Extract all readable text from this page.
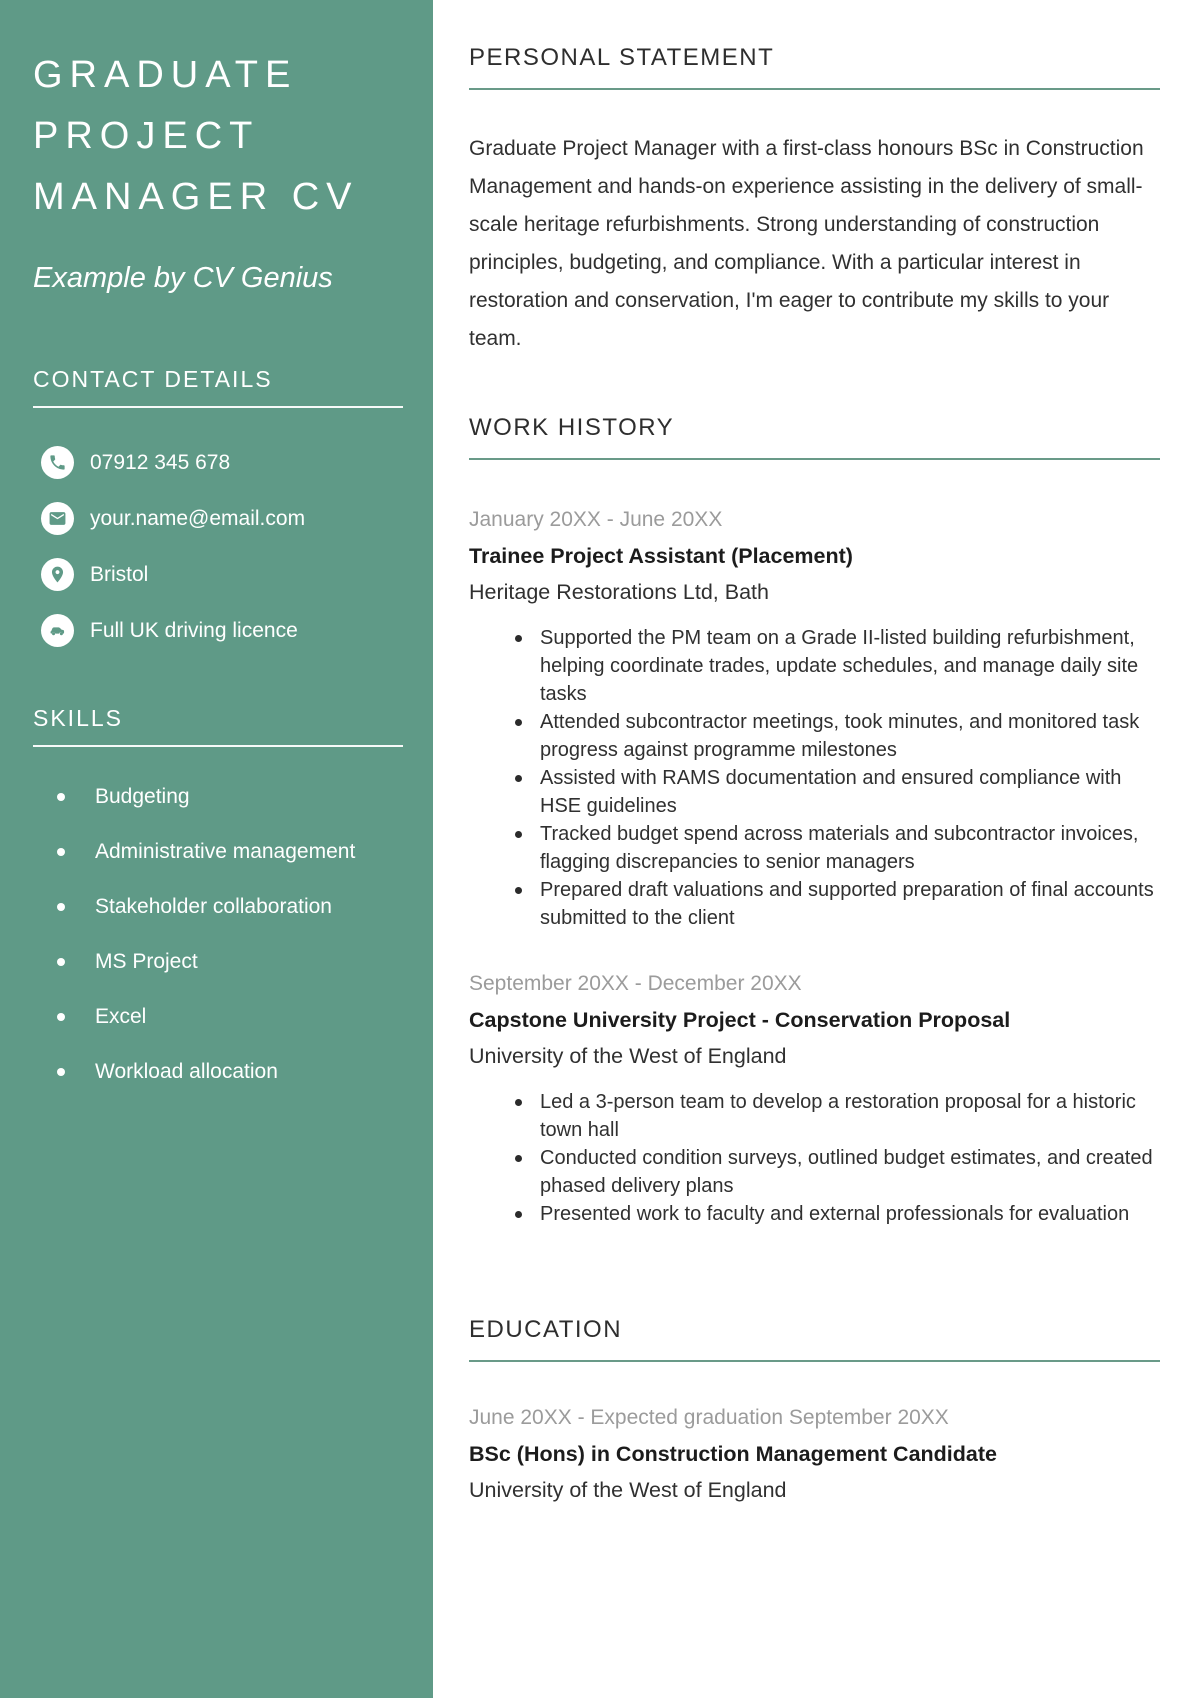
GRADUATE PROJECT MANAGER CV

Example by CV Genius

CONTACT DETAILS
07912 345 678
your.name@email.com
Bristol
Full UK driving licence
SKILLS
Budgeting
Administrative management
Stakeholder collaboration
MS Project
Excel
Workload allocation
PERSONAL STATEMENT

Graduate Project Manager with a first-class honours BSc in Construction Management and hands-on experience assisting in the delivery of small-scale heritage refurbishments. Strong understanding of construction principles, budgeting, and compliance. With a particular interest in restoration and conservation, I'm eager to contribute my skills to your team.

WORK HISTORY

January 20XX - June 20XX

Trainee Project Assistant (Placement)

Heritage Restorations Ltd, Bath

Supported the PM team on a Grade II-listed building refurbishment, helping coordinate trades, update schedules, and manage daily site tasks
Attended subcontractor meetings, took minutes, and monitored task progress against programme milestones
Assisted with RAMS documentation and ensured compliance with HSE guidelines
Tracked budget spend across materials and subcontractor invoices, flagging discrepancies to senior managers
Prepared draft valuations and supported preparation of final accounts submitted to the client

September 20XX - December 20XX

Capstone University Project - Conservation Proposal

University of the West of England

Led a 3-person team to develop a restoration proposal for a historic town hall
Conducted condition surveys, outlined budget estimates, and created phased delivery plans
Presented work to faculty and external professionals for evaluation
EDUCATION

June 20XX - Expected graduation September 20XX

BSc (Hons) in Construction Management Candidate

University of the West of England
